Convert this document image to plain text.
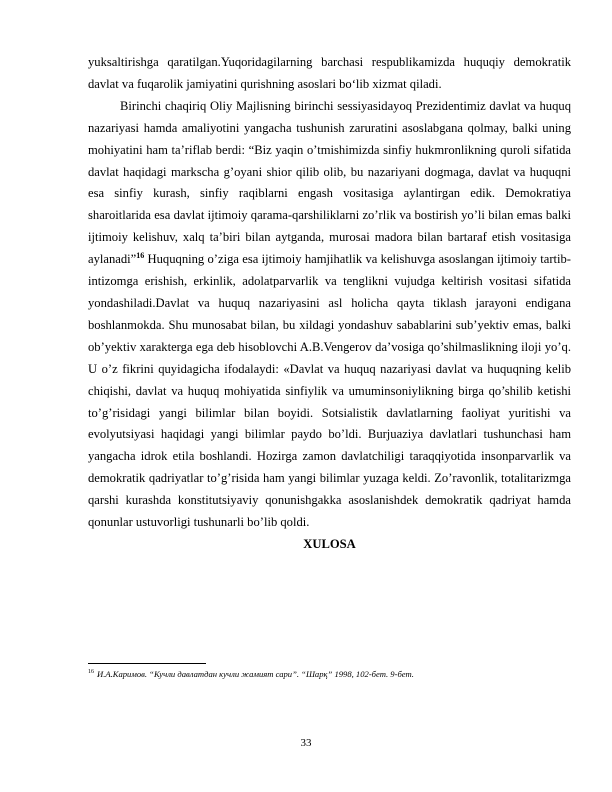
yuksaltirishga qaratilgan.Yuqoridagilarning barchasi respublikamizda huquqiy demokratik davlat va fuqarolik jamiyatini qurishning asoslari bo‘lib xizmat qiladi.

Birinchi chaqiriq Oliy Majlisning birinchi sessiyasidayoq Prezidentimiz davlat va huquq nazariyasi hamda amaliyotini yangacha tushunish zaruratini asoslabgana qolmay, balki uning mohiyatini ham ta’riflab berdi: “Biz yaqin o’tmishimizda sinfiy hukmronlikning quroli sifatida davlat haqidagi markscha g’oyani shior qilib olib, bu nazariyani dogmaga, davlat va huquqni esa sinfiy kurash, sinfiy raqiblarni engash vositasiga aylantirgan edik. Demokratiya sharoitlarida esa davlat ijtimoiy qarama-qarshiliklarni zo’rlik va bostirish yo’li bilan emas balki ijtimoiy kelishuv, xalq ta’biri bilan aytganda, murosai madora bilan bartaraf etish vositasiga aylanadi”$^{16}$ Huquqning o’ziga esa ijtimoiy hamjihatlik va kelishuvga asoslangan ijtimoiy tartib-intizomga erishish, erkinlik, adolatparvarlik va tenglikni vujudga keltirish vositasi sifatida yondashiladi.Davlat va huquq nazariyasini asl holicha qayta tiklash jarayoni endigana boshlanmokda. Shu munosabat bilan, bu xildagi yondashuv sabablarini sub’yektiv emas, balki ob’yektiv xarakterga ega deb hisoblovchi A.B.Vengerov da’vosiga qo’shilmaslikning iloji yo’q. U o’z fikrini quyidagicha ifodalaydi: «Davlat va huquq nazariyasi davlat va huquqning kelib chiqishi, davlat va huquq mohiyatida sinfiylik va umuminsoniylikning birga qo’shilib ketishi to’g’risidagi yangi bilimlar bilan boyidi. Sotsialistik davlatlarning faoliyat yuritishi va evolyutsiyasi haqidagi yangi bilimlar paydo bo’ldi. Burjuaziya davlatlari tushunchasi ham yangacha idrok etila boshlandi. Hozirga zamon davlatchiligi taraqqiyotida insonparvarlik va demokratik qadriyatlar to’g’risida ham yangi bilimlar yuzaga keldi. Zo’ravonlik, totalitarizmga qarshi kurashda konstitutsiyaviy qonunishgakka asoslanishdek demokratik qadriyat hamda qonunlar ustuvorligi tushunarli bo’lib qoldi.

XULOSA

$^{16}$ И.А.Каримов. “Кучли давлатдан кучли жамият сари”. “Шарқ” 1998, 102-бет. 9-бет.
33
